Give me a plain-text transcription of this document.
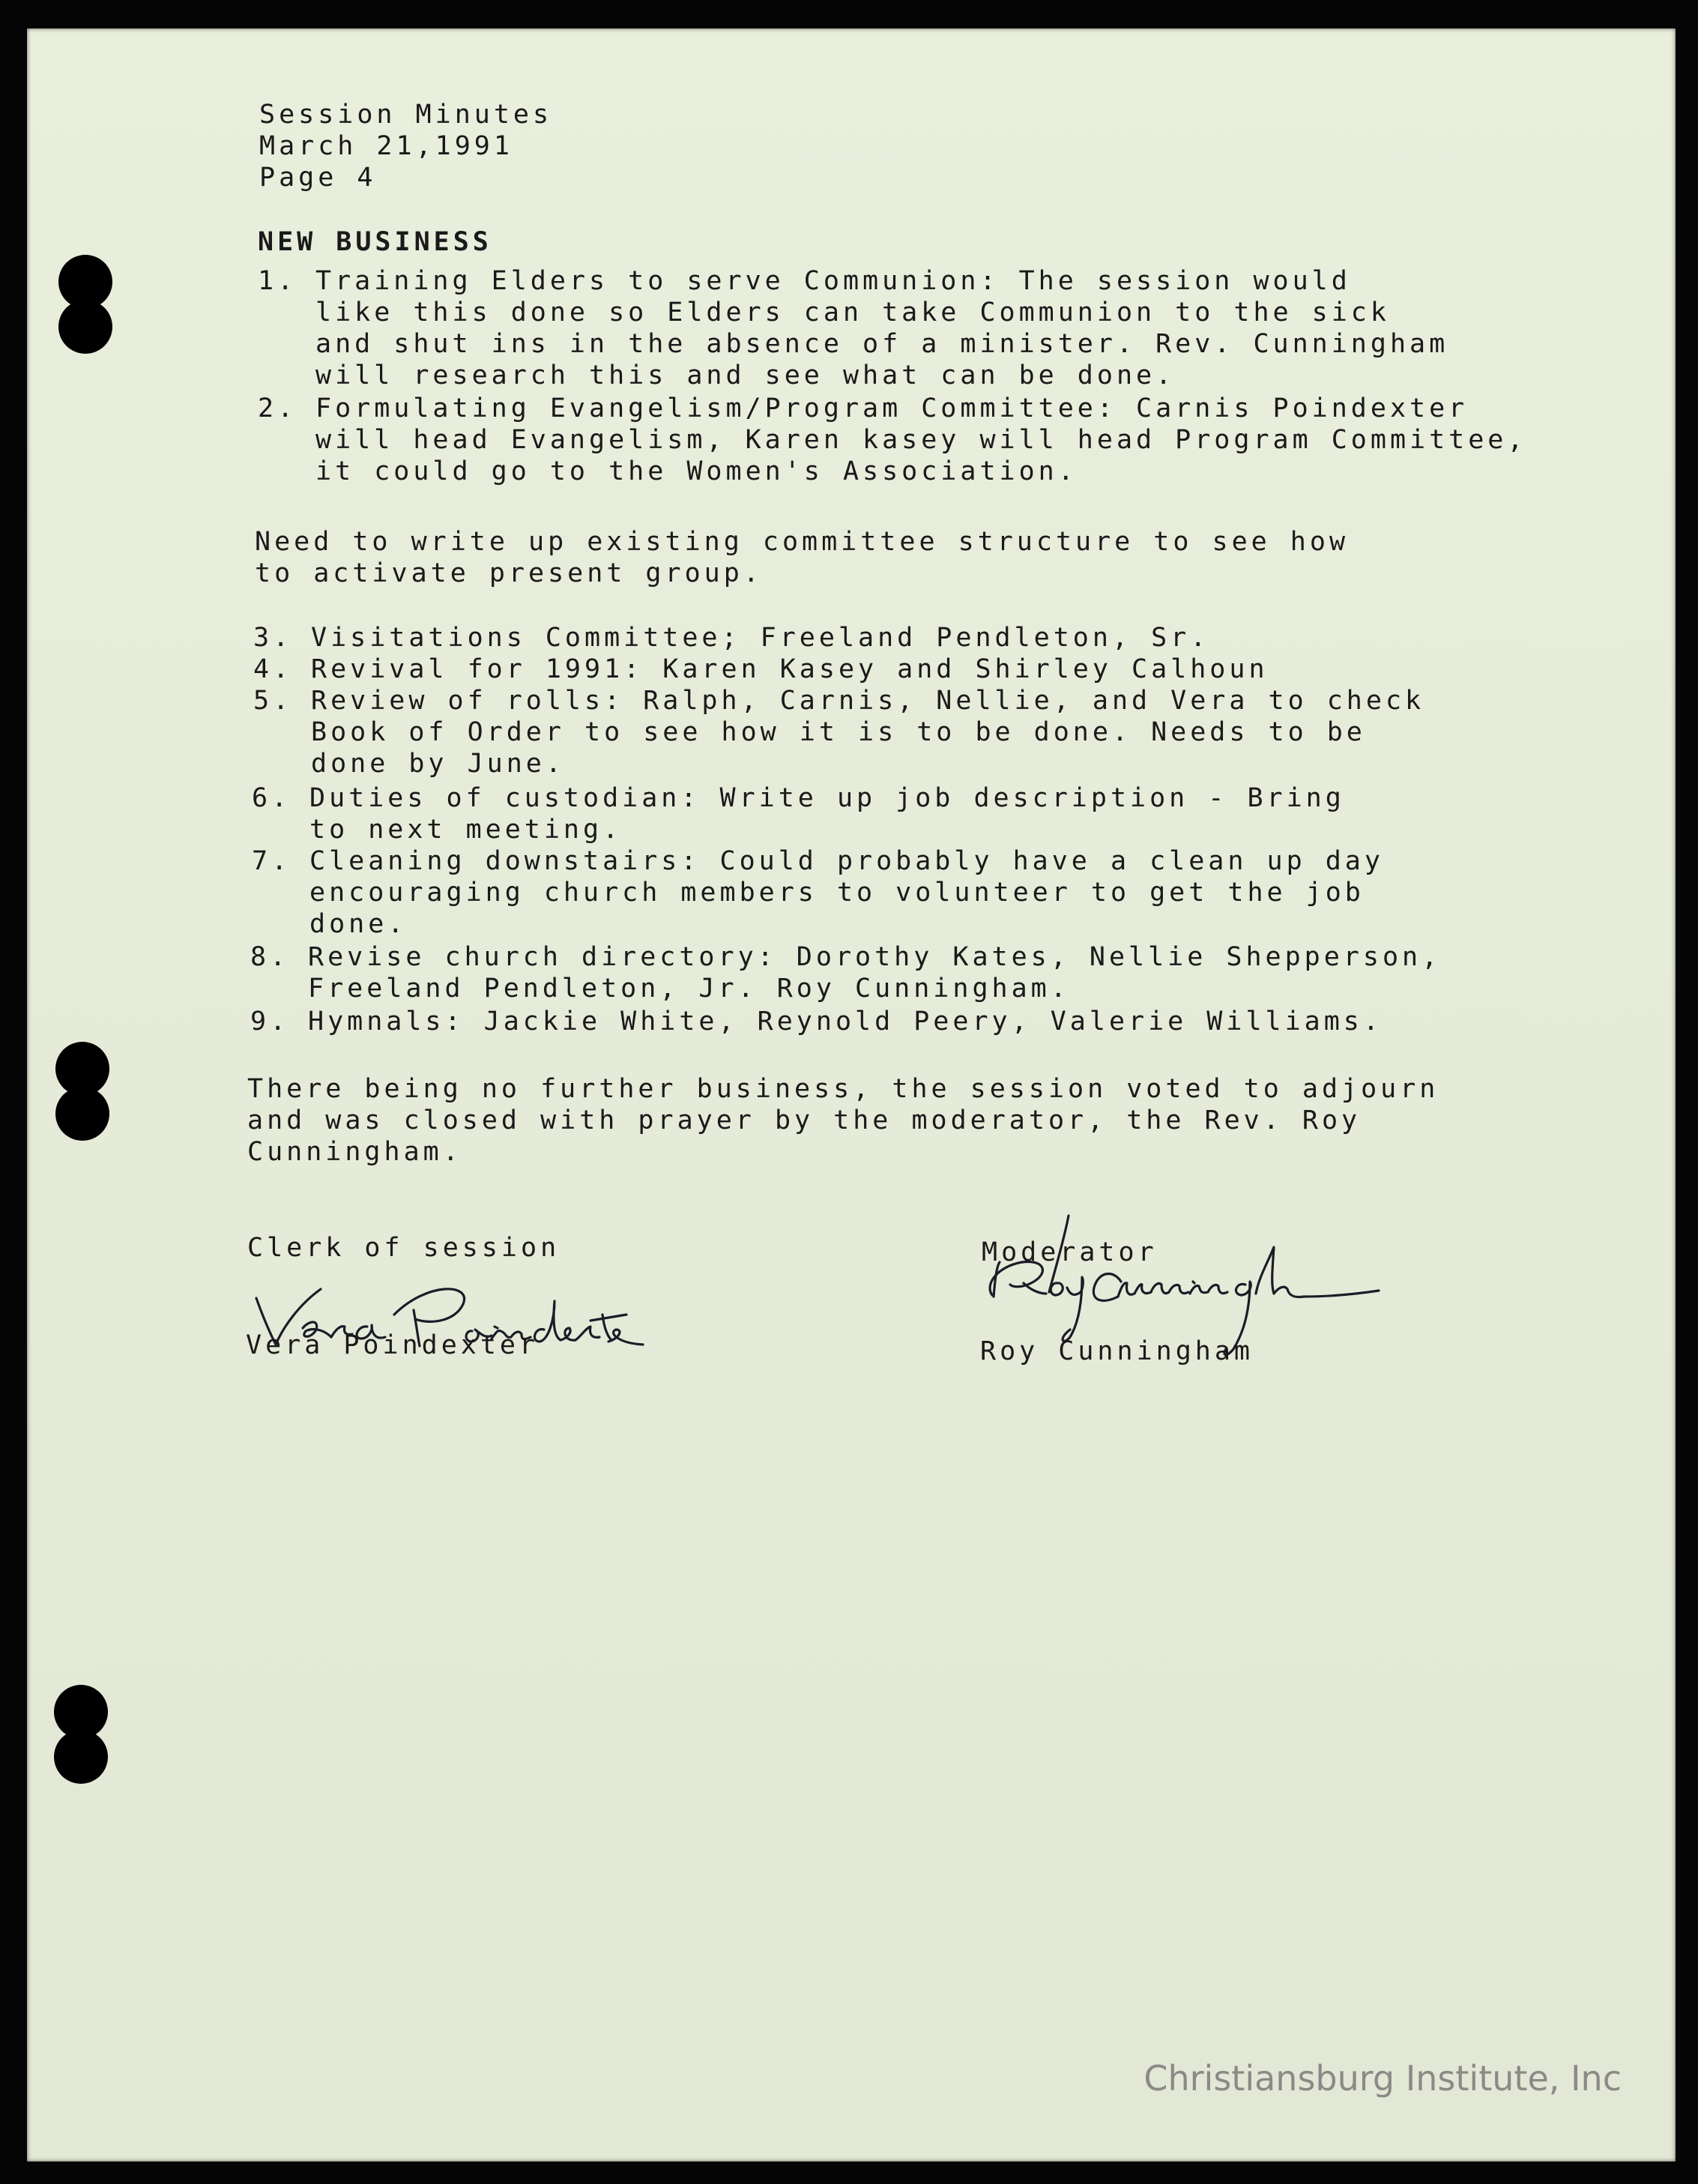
Session Minutes
March 21,1991
Page 4
NEW BUSINESS

1.

Training Elders to serve Communion: The session would
like this done so Elders can take Communion to the sick
and shut ins in the absence of a minister. Rev. Cunningham
will research this and see what can be done.

2.

Formulating Evangelism/Program Committee: Carnis Poindexter
will head Evangelism, Karen kasey will head Program Committee,
it could go to the Women's Association.

Need to write up existing committee structure to see how
to activate present group.

3.

Visitations Committee; Freeland Pendleton, Sr.

4.

Revival for 1991: Karen Kasey and Shirley Calhoun

5.

Review of rolls: Ralph, Carnis, Nellie, and Vera to check
Book of Order to see how it is to be done. Needs to be
done by June.

6.

Duties of custodian: Write up job description - Bring
to next meeting.

7.

Cleaning downstairs: Could probably have a clean up day
encouraging church members to volunteer to get the job
done.

8.

Revise church directory: Dorothy Kates, Nellie Shepperson,
Freeland Pendleton, Jr. Roy Cunningham.

9.

Hymnals: Jackie White, Reynold Peery, Valerie Williams.

There being no further business, the session voted to adjourn
and was closed with prayer by the moderator, the Rev. Roy
Cunningham.
Clerk of session
Vera Poindexter
Moderator
Roy Cunningham
Christiansburg Institute, Inc
